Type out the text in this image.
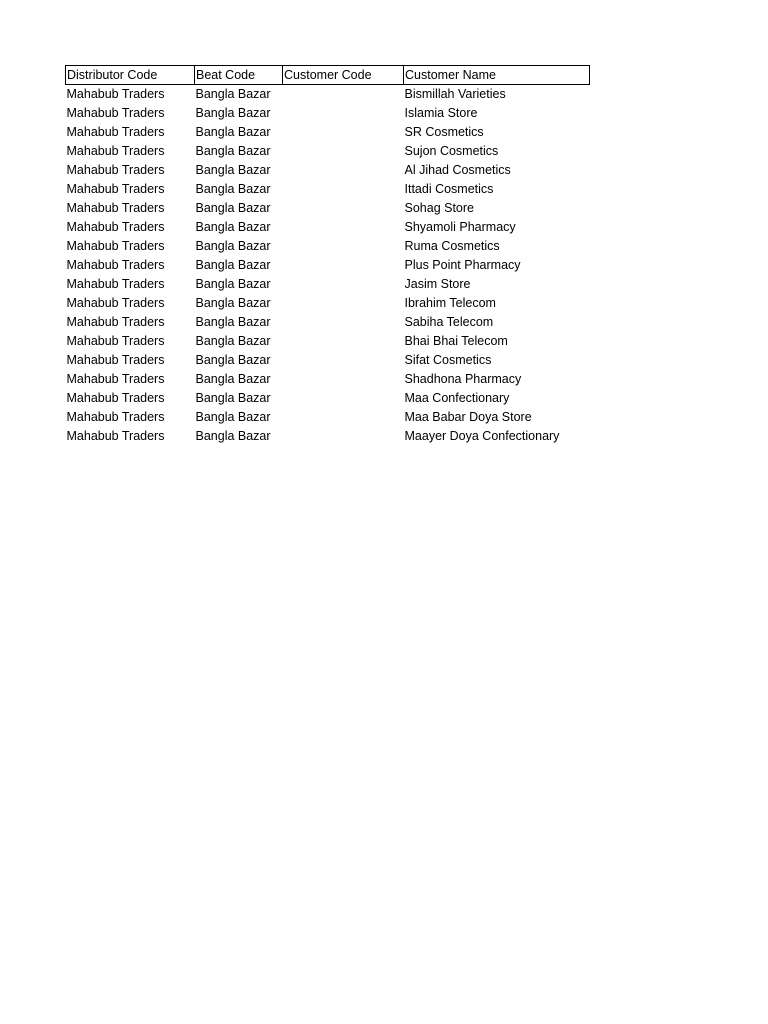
Distributor Code	Beat Code	Customer Code	Customer Name
Mahabub Traders	Bangla Bazar		Bismillah Varieties
Mahabub Traders	Bangla Bazar		Islamia Store
Mahabub Traders	Bangla Bazar		SR Cosmetics
Mahabub Traders	Bangla Bazar		Sujon Cosmetics
Mahabub Traders	Bangla Bazar		Al Jihad Cosmetics
Mahabub Traders	Bangla Bazar		Ittadi Cosmetics
Mahabub Traders	Bangla Bazar		Sohag Store
Mahabub Traders	Bangla Bazar		Shyamoli Pharmacy
Mahabub Traders	Bangla Bazar		Ruma Cosmetics
Mahabub Traders	Bangla Bazar		Plus Point Pharmacy
Mahabub Traders	Bangla Bazar		Jasim Store
Mahabub Traders	Bangla Bazar		Ibrahim Telecom
Mahabub Traders	Bangla Bazar		Sabiha Telecom
Mahabub Traders	Bangla Bazar		Bhai Bhai Telecom
Mahabub Traders	Bangla Bazar		Sifat Cosmetics
Mahabub Traders	Bangla Bazar		Shadhona Pharmacy
Mahabub Traders	Bangla Bazar		Maa Confectionary
Mahabub Traders	Bangla Bazar		Maa Babar Doya Store
Mahabub Traders	Bangla Bazar		Maayer Doya Confectionary
